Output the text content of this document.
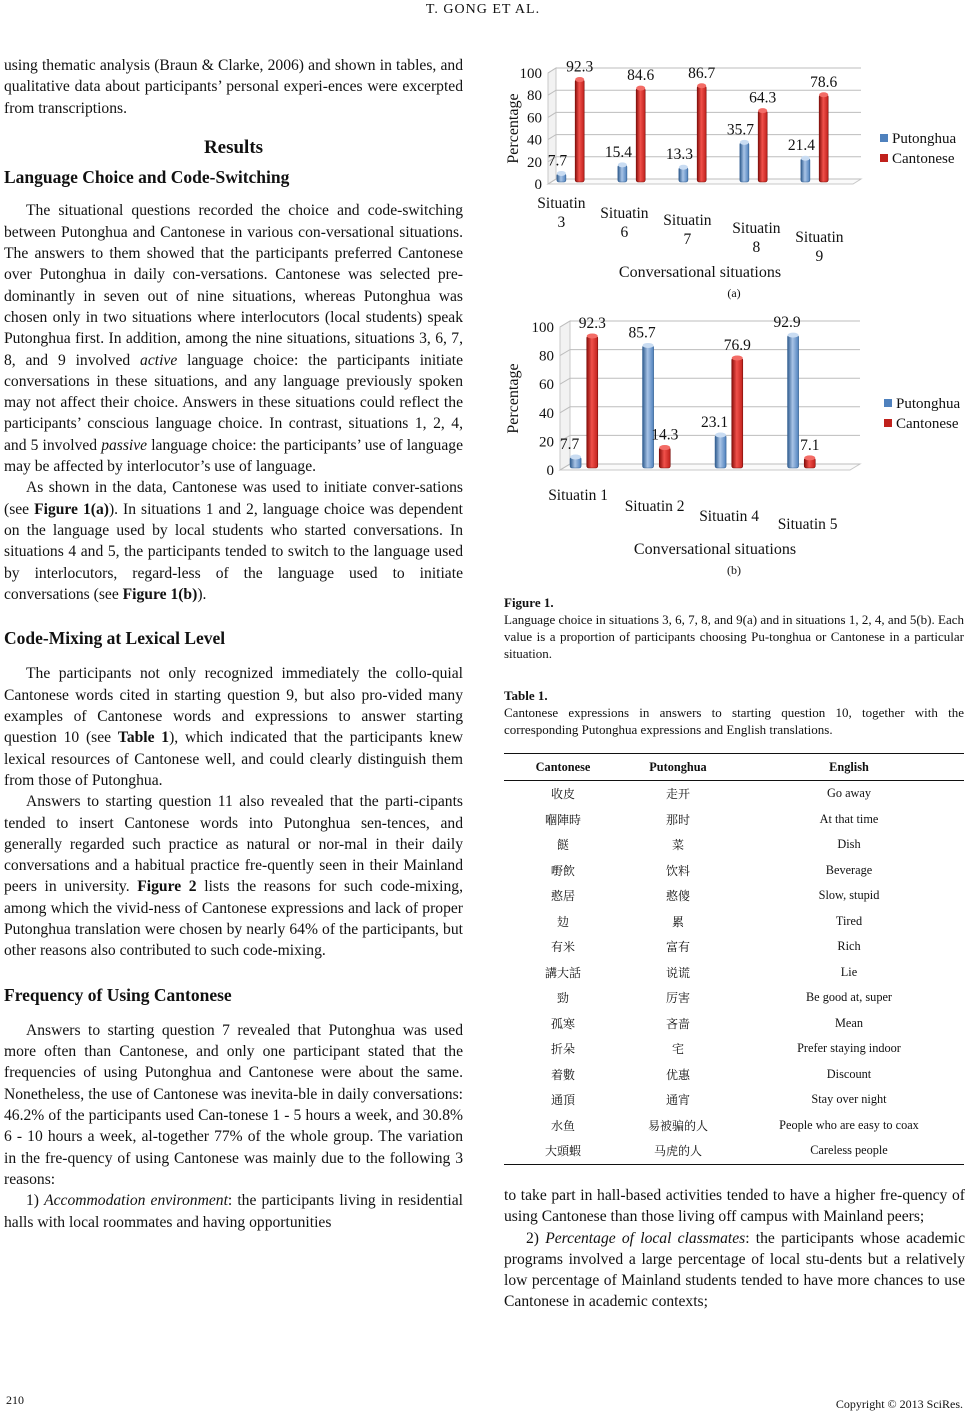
T. GONG ET AL.

using thematic analysis (Braun & Clarke, 2006) and shown in tables, and qualitative data about participants’ personal experi-ences were excerpted from transcriptions.

Results
Language Choice and Code-Switching

The situational questions recorded the choice and code-switching between Putonghua and Cantonese in various con-versational situations. The answers to them showed that the participants preferred Cantonese over Putonghua in daily con-versations. Cantonese was selected pre-dominantly in seven out of nine situations, whereas Putonghua was chosen only in two situations where interlocutors (local students) speak Putonghua first. In addition, among the nine situations, situations 3, 6, 7, 8, and 9 involved active language choice: the participants initiate conversations in these situations, and any language previously spoken may not affect their choice. Answers in these situations could reflect the participants’ conscious language choice. In contrast, situations 1, 2, 4, and 5 involved passive language choice: the participants’ use of language may be affected by interlocutor’s use of language.

As shown in the data, Cantonese was used to initiate conver-sations (see Figure 1(a)). In situations 1 and 2, language choice was dependent on the language used by local students who started conversations. In situations 4 and 5, the participants tended to switch to the language used by interlocutors, regard-less of the language used to initiate conversations (see Figure 1(b)).

Code-Mixing at Lexical Level

The participants not only recognized immediately the collo-quial Cantonese words cited in starting question 9, but also pro-vided many examples of Cantonese words and expressions to answer starting question 10 (see Table 1), which indicated that the participants knew lexical resources of Cantonese well, and could clearly distinguish them from those of Putonghua.

Answers to starting question 11 also revealed that the parti-cipants tended to insert Cantonese words into Putonghua sen-tences, and generally regarded such practice as natural or nor-mal in their daily conversations and a habitual practice fre-quently seen in their Mainland peers in university. Figure 2 lists the reasons for such code-mixing, among which the vivid-ness of Cantonese expressions and lack of proper Putonghua translation were chosen by nearly 64% of the participants, but other reasons also contributed to such code-mixing.

Frequency of Using Cantonese

Answers to starting question 7 revealed that Putonghua was used more often than Cantonese, and only one participant stated that the frequencies of using Putonghua and Cantonese were about the same. Nonetheless, the use of Cantonese was inevita-ble in daily conversations: 46.2% of the participants used Can-tonese 1 - 5 hours a week, and 30.8% 6 - 10 hours a week, al-together 77% of the whole group. The variation in the fre-quency of using Cantonese was mainly due to the following 3 reasons:

1) Accommodation environment: the participants living in residential halls with local roommates and having opportunities

0
20
40
60
80
100
Percentage 7.7
92.3
Situatin
3
15.4
84.6
Situatin
6
13.3
86.7
Situatin
7
35.7
64.3
Situatin
8
21.4
78.6
Situatin
9
Conversational situations
Putonghua
Cantonese
(a)
0
20
40
60
80
100
Percentage
7.7
92.3
Situatin 1
85.7
14.3
Situatin 2
23.1
76.9
Situatin 4
92.9
7.1
Situatin 5
Conversational situations
Putonghua
Cantonese
(b)
Figure 1.
Language choice in situations 3, 6, 7, 8, and 9(a) and in situations 1, 2, 4, and 5(b). Each value is a proportion of participants choosing Pu-tonghua or Cantonese in a particular situation.
Table 1.
Cantonese expressions in answers to starting question 10, together with the corresponding Putonghua expressions and English translations.
Cantonese	Putonghua	English
收皮	走开	Go away
嗰陣時	那时	At that time
餸	菜	Dish
嘢飲	饮料	Beverage
憨居	憨傻	Slow, stupid
攰	累	Tired
有米	富有	Rich
講大話	说谎	Lie
勁	厉害	Be good at, super
孤寒	吝啬	Mean
折朵	宅	Prefer staying indoor
着數	优惠	Discount
通頂	通宵	Stay over night
水鱼	易被骗的人	People who are easy to coax
大頭蝦	马虎的人	Careless people

to take part in hall-based activities tended to have a higher fre-quency of using Cantonese than those living off campus with Mainland peers;

2) Percentage of local classmates: the participants whose academic programs involved a large percentage of local stu-dents but a relatively low percentage of Mainland students tended to have more chances to use Cantonese in academic contexts;

210	Copyright © 2013 SciRes.
